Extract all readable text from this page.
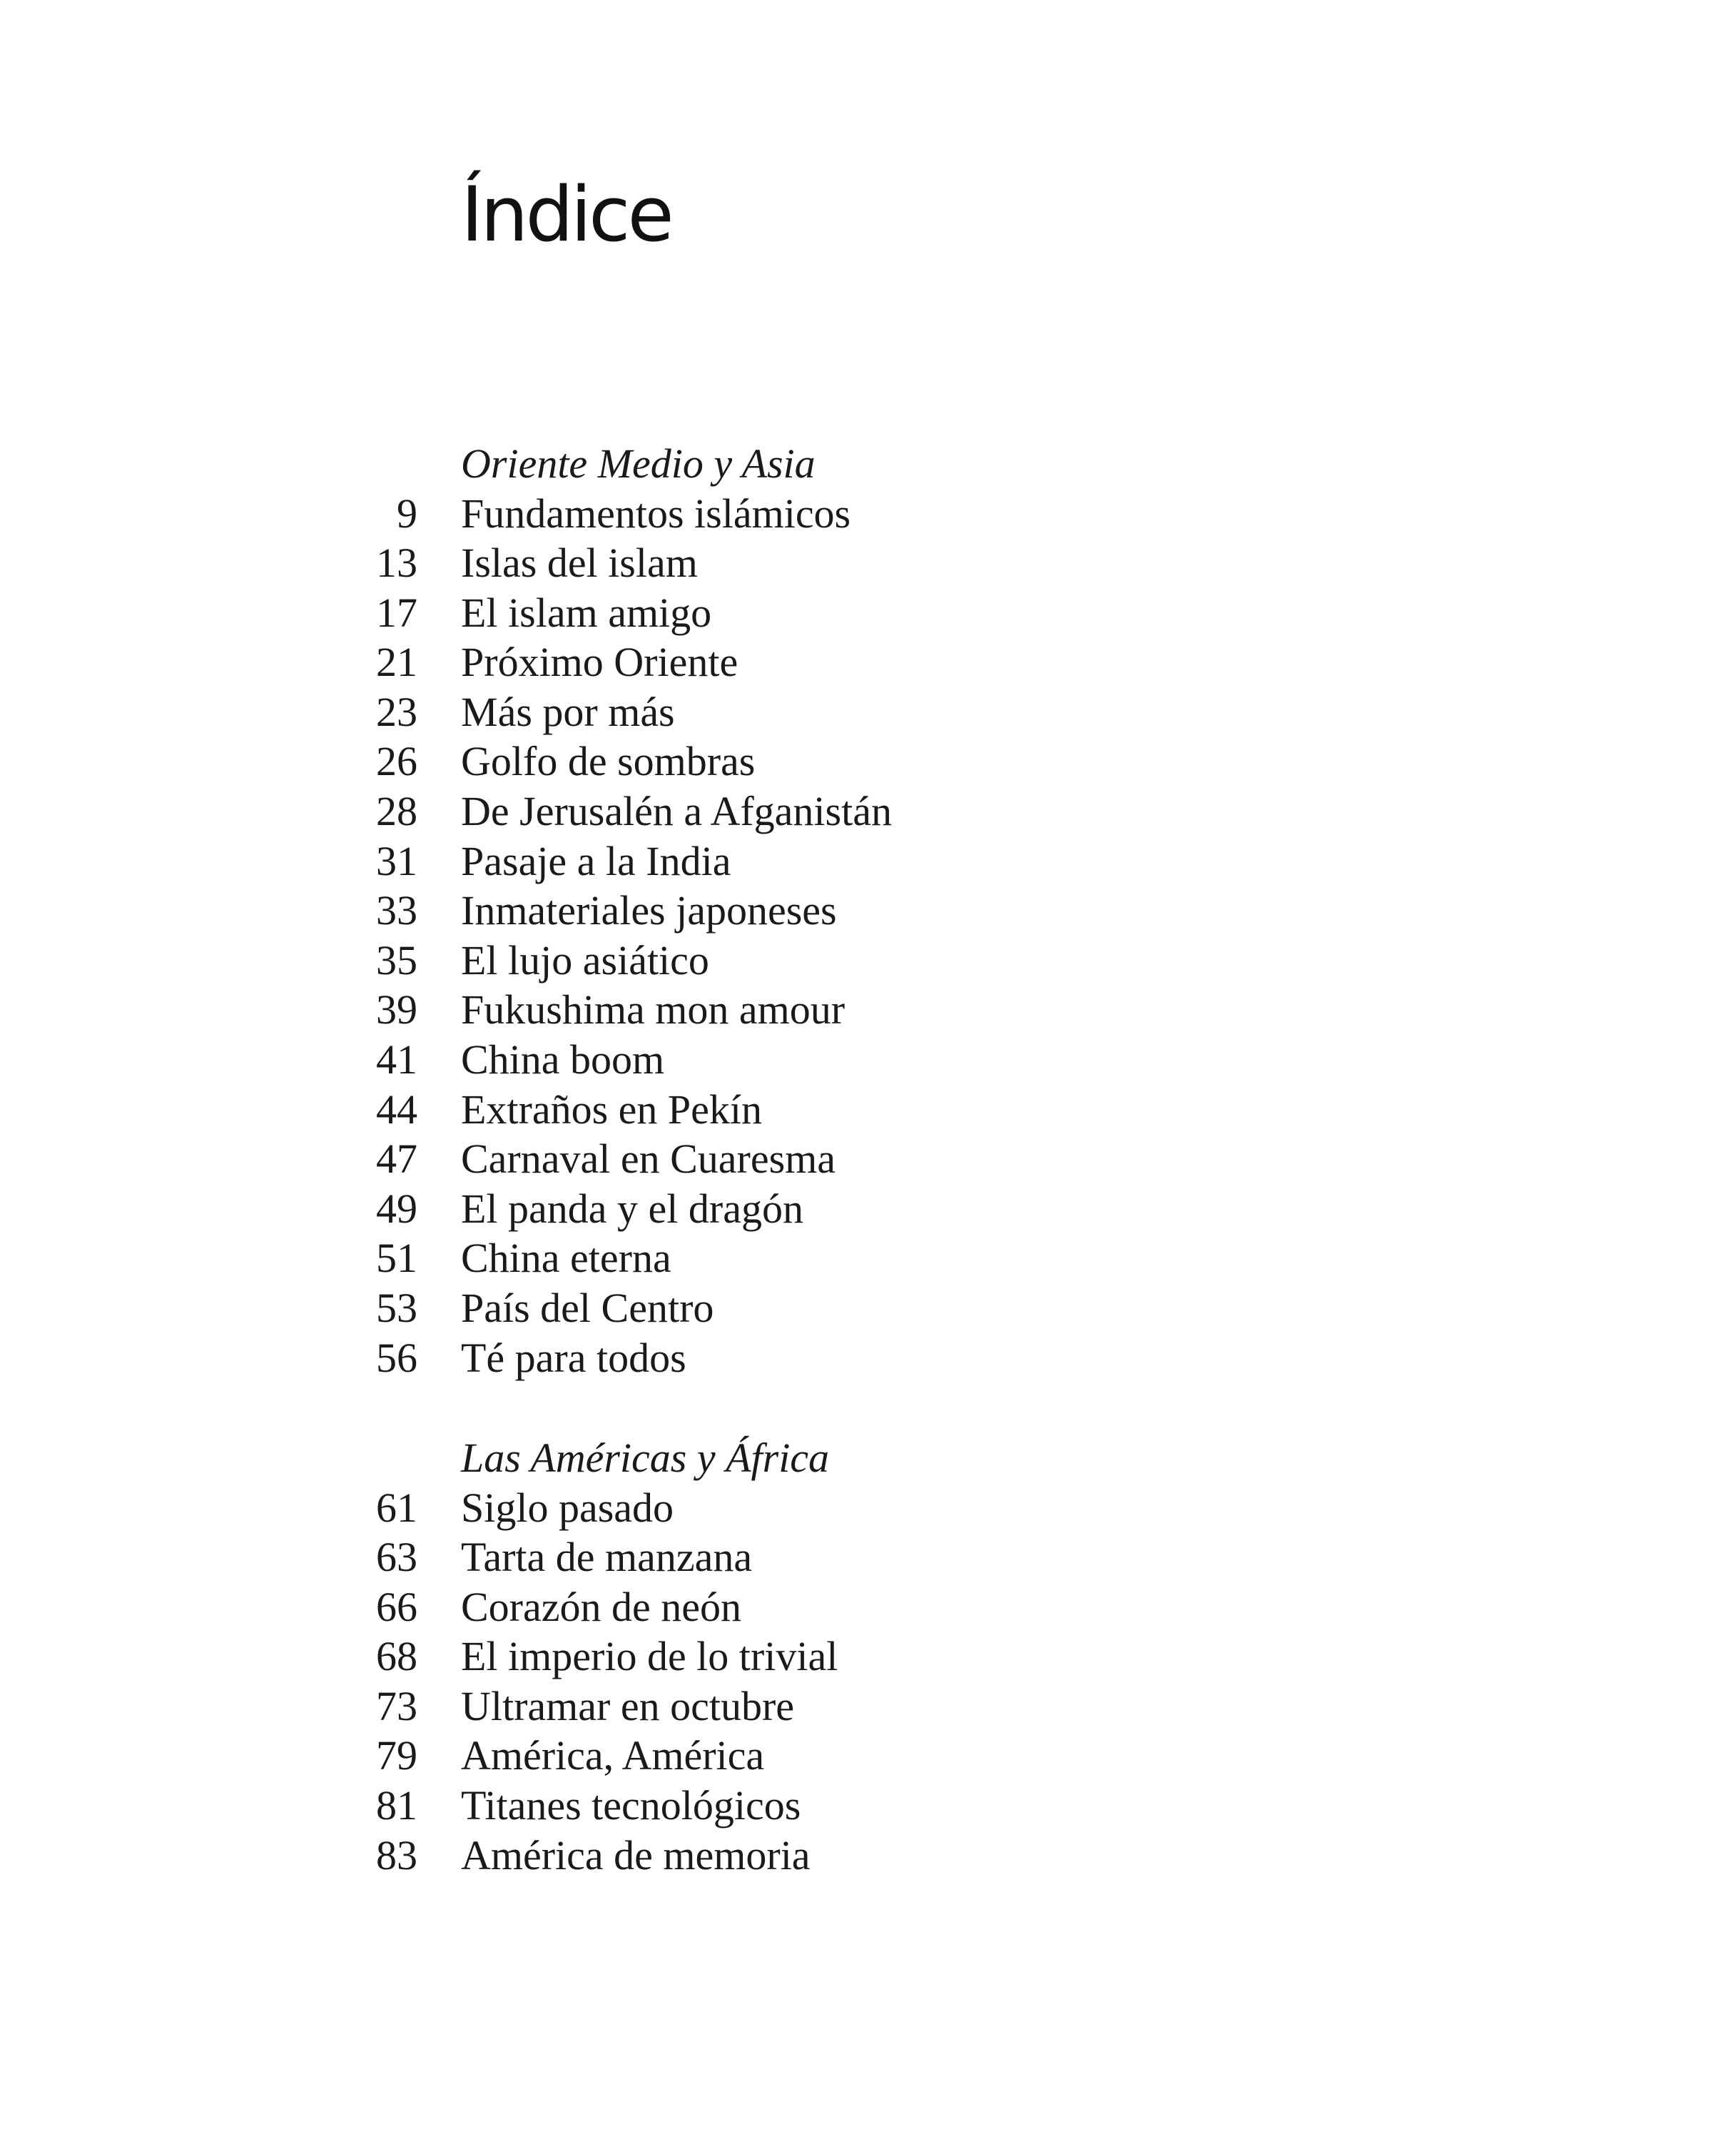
Índice
Oriente Medio y Asia
9 Fundamentos islámicos
13 Islas del islam
17 El islam amigo
21 Próximo Oriente
23 Más por más
26 Golfo de sombras
28 De Jerusalén a Afganistán
31 Pasaje a la India
33 Inmateriales japoneses
35 El lujo asiático
39 Fukushima mon amour
41 China boom
44 Extraños en Pekín
47 Carnaval en Cuaresma
49 El panda y el dragón
51 China eterna
53 País del Centro
56 Té para todos
Las Américas y África
61 Siglo pasado
63 Tarta de manzana
66 Corazón de neón
68 El imperio de lo trivial
73 Ultramar en octubre
79 América, América
81 Titanes tecnológicos
83 América de memoria
